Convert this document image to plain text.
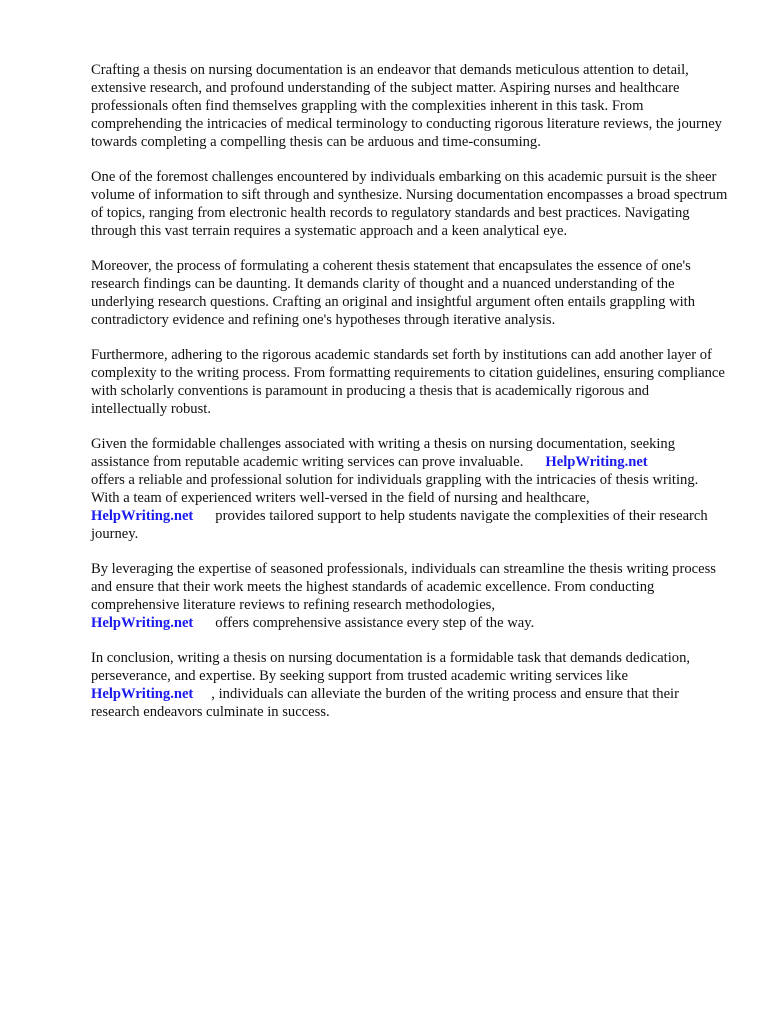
Crafting a thesis on nursing documentation is an endeavor that demands meticulous attention to detail, extensive research, and profound understanding of the subject matter. Aspiring nurses and healthcare professionals often find themselves grappling with the complexities inherent in this task. From comprehending the intricacies of medical terminology to conducting rigorous literature reviews, the journey towards completing a compelling thesis can be arduous and time-consuming.

One of the foremost challenges encountered by individuals embarking on this academic pursuit is the sheer volume of information to sift through and synthesize. Nursing documentation encompasses a broad spectrum of topics, ranging from electronic health records to regulatory standards and best practices. Navigating through this vast terrain requires a systematic approach and a keen analytical eye.

Moreover, the process of formulating a coherent thesis statement that encapsulates the essence of one's research findings can be daunting. It demands clarity of thought and a nuanced understanding of the underlying research questions. Crafting an original and insightful argument often entails grappling with contradictory evidence and refining one's hypotheses through iterative analysis.

Furthermore, adhering to the rigorous academic standards set forth by institutions can add another layer of complexity to the writing process. From formatting requirements to citation guidelines, ensuring compliance with scholarly conventions is paramount in producing a thesis that is academically rigorous and intellectually robust.

Given the formidable challenges associated with writing a thesis on nursing documentation, seeking assistance from reputable academic writing services can prove invaluable. HelpWriting.net
offers a reliable and professional solution for individuals grappling with the intricacies of thesis writing. With a team of experienced writers well-versed in the field of nursing and healthcare,
HelpWriting.net provides tailored support to help students navigate the complexities of their research journey.

By leveraging the expertise of seasoned professionals, individuals can streamline the thesis writing process and ensure that their work meets the highest standards of academic excellence. From conducting comprehensive literature reviews to refining research methodologies,
HelpWriting.net offers comprehensive assistance every step of the way.

In conclusion, writing a thesis on nursing documentation is a formidable task that demands dedication, perseverance, and expertise. By seeking support from trusted academic writing services likeHelpWriting.net , individuals can alleviate the burden of the writing process and ensure that their research endeavors culminate in success.
